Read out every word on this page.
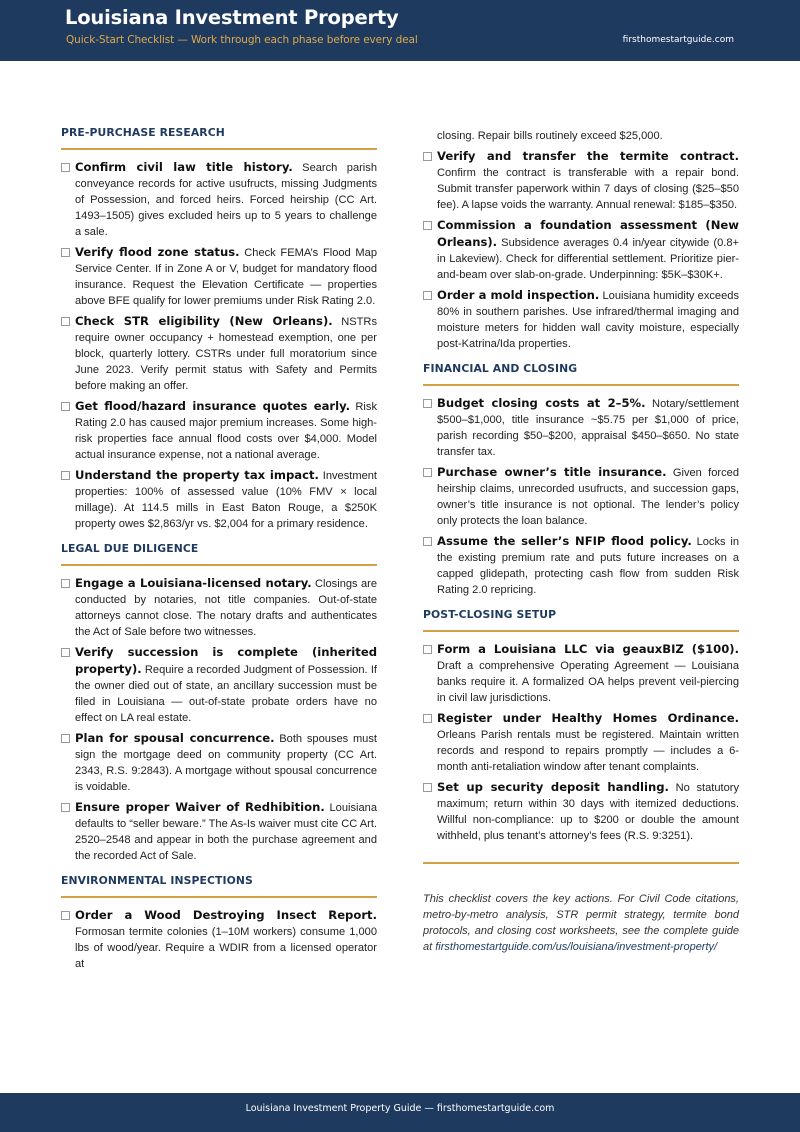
Louisiana Investment Property
Quick-Start Checklist — Work through each phase before every deal	firsthomestartguide.com
PRE-PURCHASE RESEARCH
Confirm civil law title history. Search parish conveyance records for active usufructs, missing Judgments of Possession, and forced heirs. Forced heirship (CC Art. 1493–1505) gives excluded heirs up to 5 years to challenge a sale.
Verify flood zone status. Check FEMA’s Flood Map Service Center. If in Zone A or V, budget for mandatory flood insurance. Request the Elevation Certificate — properties above BFE qualify for lower premiums under Risk Rating 2.0.
Check STR eligibility (New Orleans). NSTRs require owner occupancy + homestead exemption, one per block, quarterly lottery. CSTRs under full moratorium since June 2023. Verify permit status with Safety and Permits before making an offer.
Get flood/hazard insurance quotes early. Risk Rating 2.0 has caused major premium increases. Some high-risk properties face annual flood costs over $4,000. Model actual insurance expense, not a national average.
Understand the property tax impact. Investment properties: 100% of assessed value (10% FMV × local millage). At 114.5 mills in East Baton Rouge, a $250K property owes $2,863/yr vs. $2,004 for a primary residence.
LEGAL DUE DILIGENCE
Engage a Louisiana-licensed notary. Closings are conducted by notaries, not title companies. Out-of-state attorneys cannot close. The notary drafts and authenticates the Act of Sale before two witnesses.
Verify succession is complete (inherited property). Require a recorded Judgment of Possession. If the owner died out of state, an ancillary succession must be filed in Louisiana — out-of-state probate orders have no effect on LA real estate.
Plan for spousal concurrence. Both spouses must sign the mortgage deed on community property (CC Art. 2343, R.S. 9:2843). A mortgage without spousal concurrence is voidable.
Ensure proper Waiver of Redhibition. Louisiana defaults to “seller beware.” The As-Is waiver must cite CC Art. 2520–2548 and appear in both the purchase agreement and the recorded Act of Sale.
ENVIRONMENTAL INSPECTIONS
Order a Wood Destroying Insect Report. Formosan termite colonies (1–10M workers) consume 1,000 lbs of wood/year. Require a WDIR from a licensed operator at
closing. Repair bills routinely exceed $25,000.
Verify and transfer the termite contract. Confirm the contract is transferable with a repair bond. Submit transfer paperwork within 7 days of closing ($25–$50 fee). A lapse voids the warranty. Annual renewal: $185–$350.
Commission a foundation assessment (New Orleans). Subsidence averages 0.4 in/year citywide (0.8+ in Lakeview). Check for differential settlement. Prioritize pier-and-beam over slab-on-grade. Underpinning: $5K–$30K+.
Order a mold inspection. Louisiana humidity exceeds 80% in southern parishes. Use infrared/thermal imaging and moisture meters for hidden wall cavity moisture, especially post-Katrina/Ida properties.
FINANCIAL AND CLOSING
Budget closing costs at 2–5%. Notary/settlement $500–$1,000, title insurance ~$5.75 per $1,000 of price, parish recording $50–$200, appraisal $450–$650. No state transfer tax.
Purchase owner’s title insurance. Given forced heirship claims, unrecorded usufructs, and succession gaps, owner’s title insurance is not optional. The lender’s policy only protects the loan balance.
Assume the seller’s NFIP flood policy. Locks in the existing premium rate and puts future increases on a capped glidepath, protecting cash flow from sudden Risk Rating 2.0 repricing.
POST-CLOSING SETUP
Form a Louisiana LLC via geauxBIZ ($100). Draft a comprehensive Operating Agreement — Louisiana banks require it. A formalized OA helps prevent veil-piercing in civil law jurisdictions.
Register under Healthy Homes Ordinance. Orleans Parish rentals must be registered. Maintain written records and respond to repairs promptly — includes a 6-month anti-retaliation window after tenant complaints.
Set up security deposit handling. No statutory maximum; return within 30 days with itemized deductions. Willful non-compliance: up to $200 or double the amount withheld, plus tenant’s attorney’s fees (R.S. 9:3251).
This checklist covers the key actions. For Civil Code citations, metro-by-metro analysis, STR permit strategy, termite bond protocols, and closing cost worksheets, see the complete guide at firsthomestartguide.com/us/louisiana/investment-property/
Louisiana Investment Property Guide — firsthomestartguide.com
